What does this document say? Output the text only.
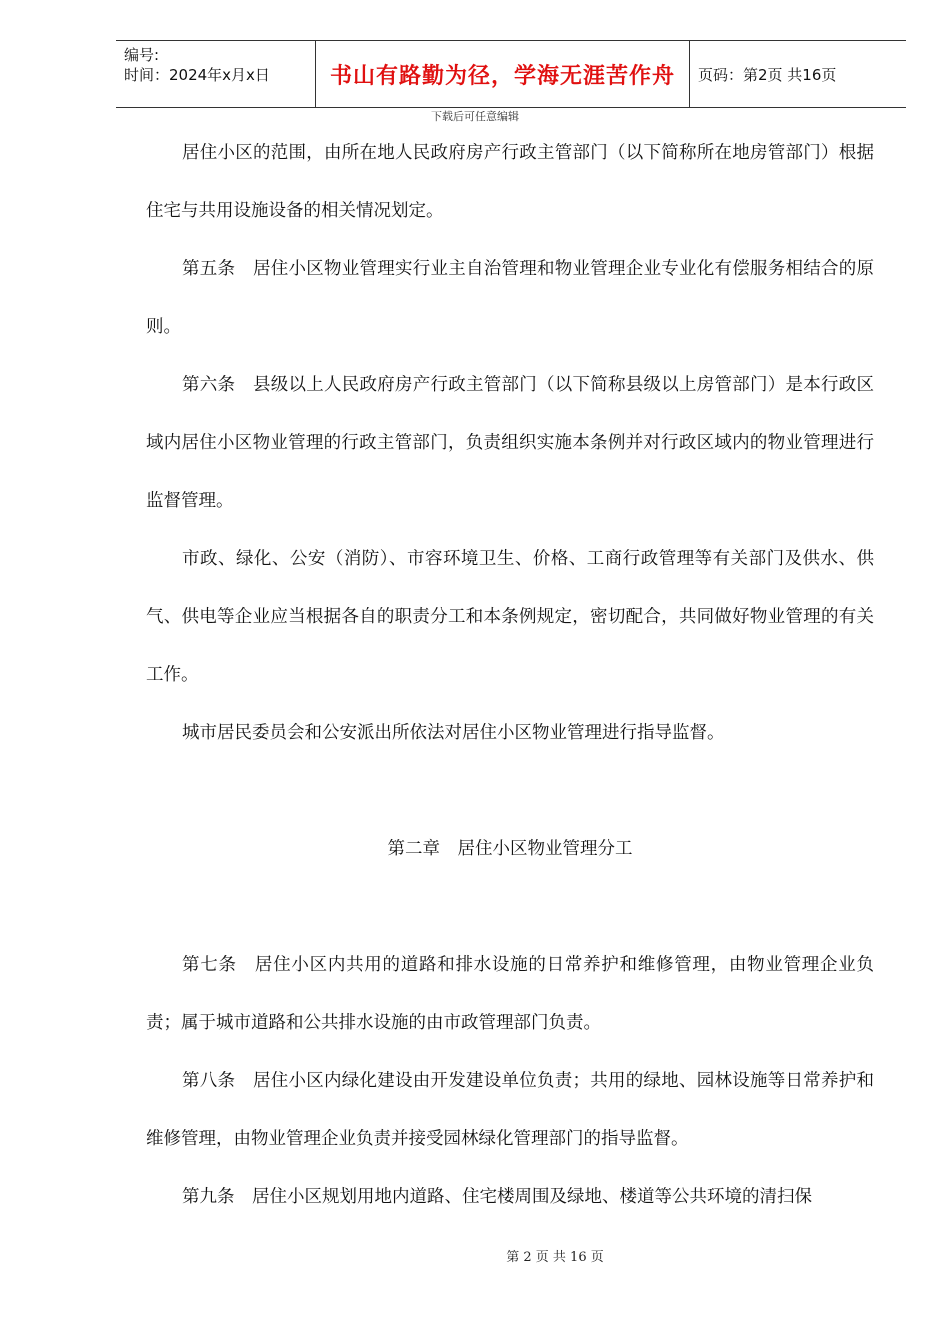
编号:
时间：2024年x月x日	书山有路勤为径，学海无涯苦作舟	页码：第2页 共16页
下载后可任意编辑

居住小区的范围，由所在地人民政府房产行政主管部门（以下简称所在地房管部门）根据住宅与共用设施设备的相关情况划定。

第五条　居住小区物业管理实行业主自治管理和物业管理企业专业化有偿服务相结合的原则。

第六条　县级以上人民政府房产行政主管部门（以下简称县级以上房管部门）是本行政区域内居住小区物业管理的行政主管部门，负责组织实施本条例并对行政区域内的物业管理进行监督管理。

市政、绿化、公安（消防）、市容环境卫生、价格、工商行政管理等有关部门及供水、供气、供电等企业应当根据各自的职责分工和本条例规定，密切配合，共同做好物业管理的有关工作。

城市居民委员会和公安派出所依法对居住小区物业管理进行指导监督。

第二章　居住小区物业管理分工

第七条　居住小区内共用的道路和排水设施的日常养护和维修管理，由物业管理企业负责；属于城市道路和公共排水设施的由市政管理部门负责。

第八条　居住小区内绿化建设由开发建设单位负责；共用的绿地、园林设施等日常养护和维修管理，由物业管理企业负责并接受园林绿化管理部门的指导监督。

第九条　居住小区规划用地内道路、住宅楼周围及绿地、楼道等公共环境的清扫保

第 2 页 共 16 页
